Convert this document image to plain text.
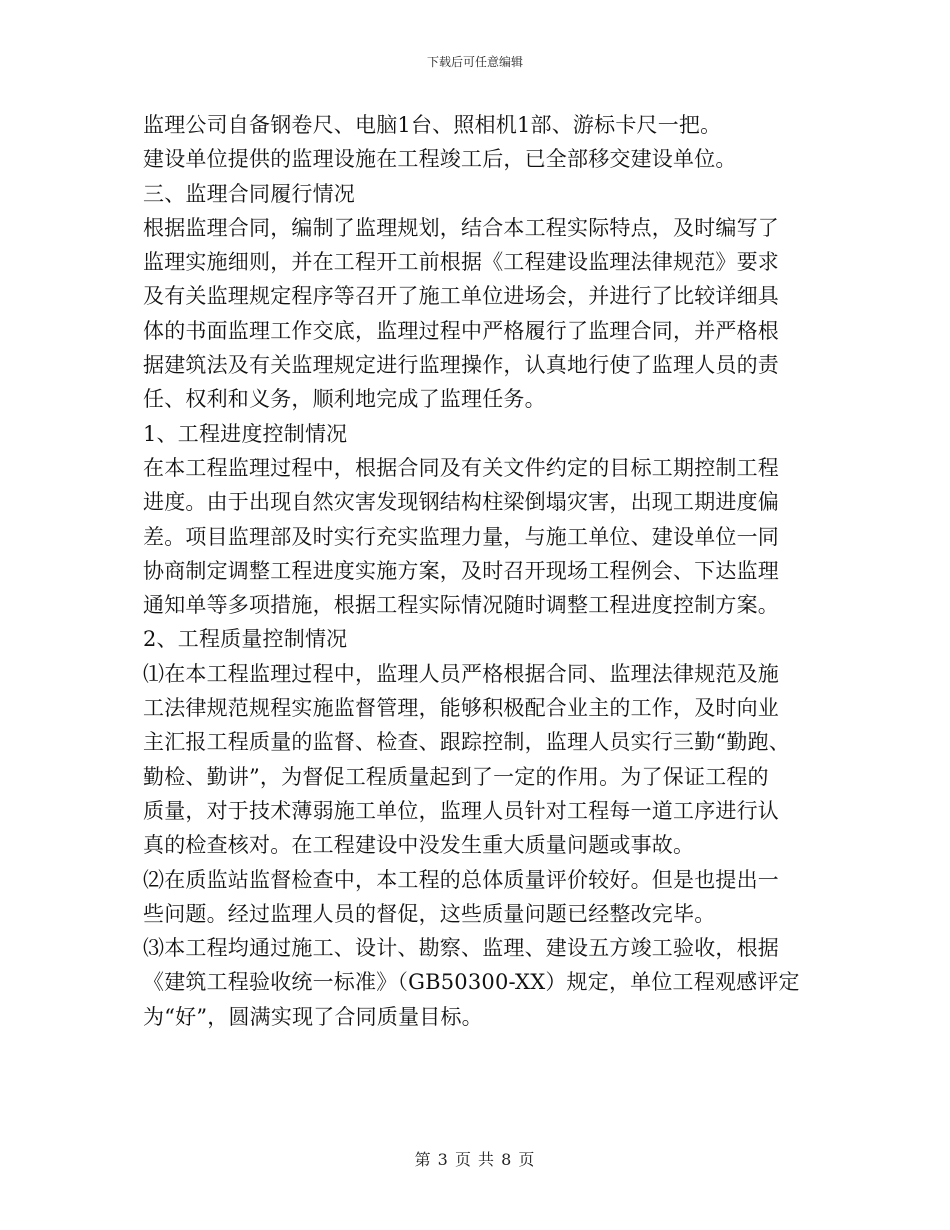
下载后可任意编辑
监理公司自备钢卷尺、电脑1台、照相机1部、游标卡尺一把。
建设单位提供的监理设施在工程竣工后，已全部移交建设单位。
三、监理合同履行情况
根据监理合同，编制了监理规划，结合本工程实际特点，及时编写了
监理实施细则，并在工程开工前根据《工程建设监理法律规范》要求
及有关监理规定程序等召开了施工单位进场会，并进行了比较详细具
体的书面监理工作交底，监理过程中严格履行了监理合同，并严格根
据建筑法及有关监理规定进行监理操作，认真地行使了监理人员的责
任、权利和义务，顺利地完成了监理任务。
1、工程进度控制情况
在本工程监理过程中，根据合同及有关文件约定的目标工期控制工程
进度。由于出现自然灾害发现钢结构柱梁倒塌灾害，出现工期进度偏
差。项目监理部及时实行充实监理力量，与施工单位、建设单位一同
协商制定调整工程进度实施方案，及时召开现场工程例会、下达监理
通知单等多项措施，根据工程实际情况随时调整工程进度控制方案。
2、工程质量控制情况
⑴在本工程监理过程中，监理人员严格根据合同、监理法律规范及施
工法律规范规程实施监督管理，能够积极配合业主的工作，及时向业
主汇报工程质量的监督、检查、跟踪控制，监理人员实行三勤“勤跑、
勤检、勤讲”，为督促工程质量起到了一定的作用。为了保证工程的
质量，对于技术薄弱施工单位，监理人员针对工程每一道工序进行认
真的检查核对。在工程建设中没发生重大质量问题或事故。
⑵在质监站监督检查中，本工程的总体质量评价较好。但是也提出一
些问题。经过监理人员的督促，这些质量问题已经整改完毕。
⑶本工程均通过施工、设计、勘察、监理、建设五方竣工验收，根据
《建筑工程验收统一标准》（GB50300-XX）规定，单位工程观感评定
为“好”，圆满实现了合同质量目标。
第 3 页 共 8 页
